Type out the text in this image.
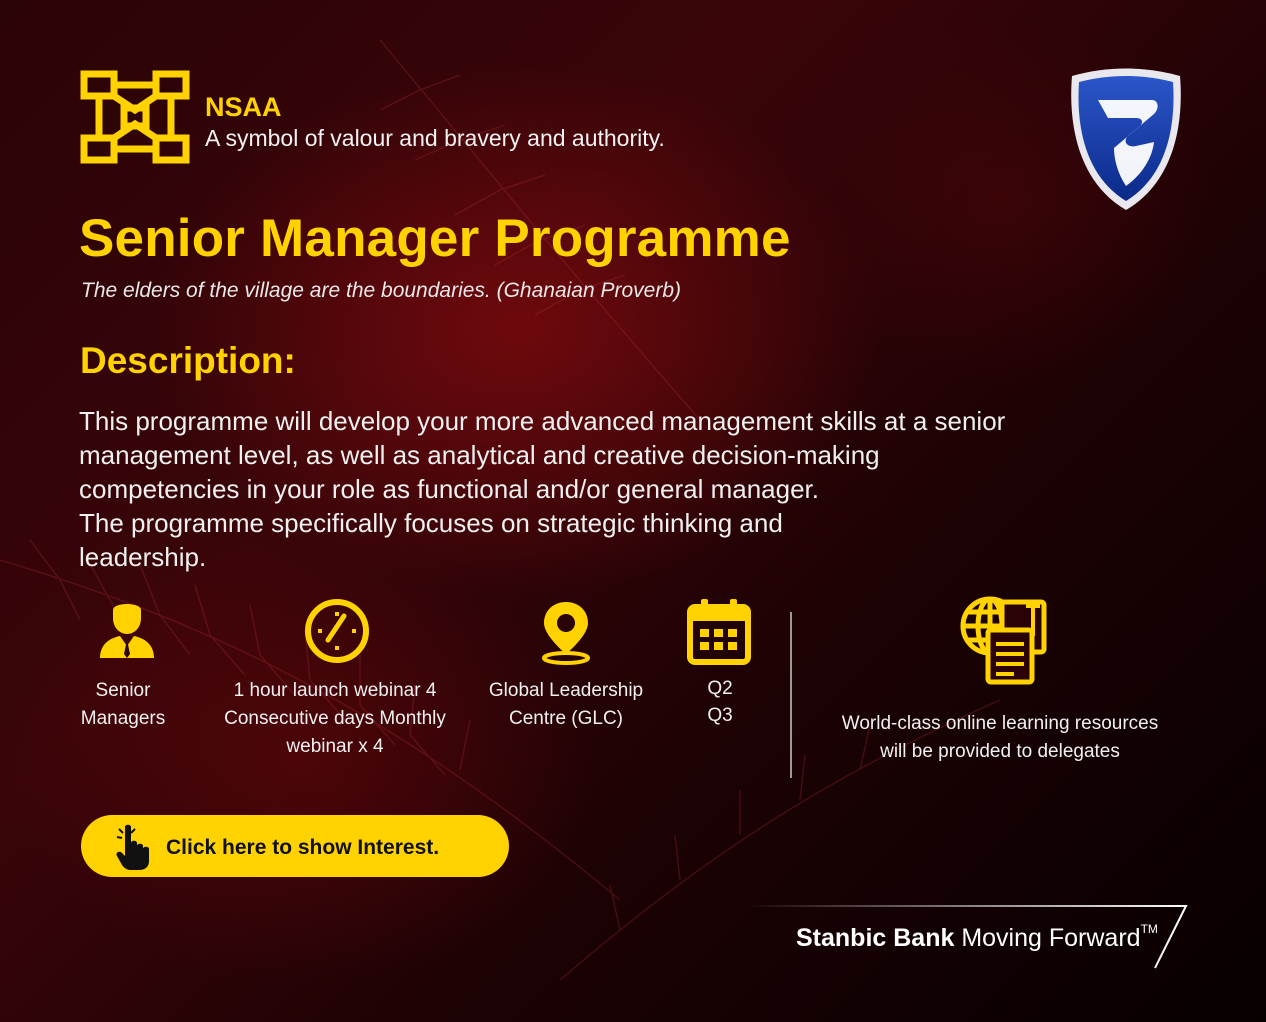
NSAA
A symbol of valour and bravery and authority.
Senior Manager Programme
The elders of the village are the boundaries. (Ghanaian Proverb)
Description:
This programme will develop your more advanced management skills at a senior
management level, as well as analytical and creative decision-making
competencies in your role as functional and/or general manager.
The programme specifically focuses on strategic thinking and
leadership.
Senior
Managers
1 hour launch webinar 4
Consecutive days Monthly
webinar x 4
Global Leadership
Centre (GLC)
Q2
Q3	World-class online learning resources
will be provided to delegates
Click here to show Interest.
Stanbic Bank Moving Forward™
